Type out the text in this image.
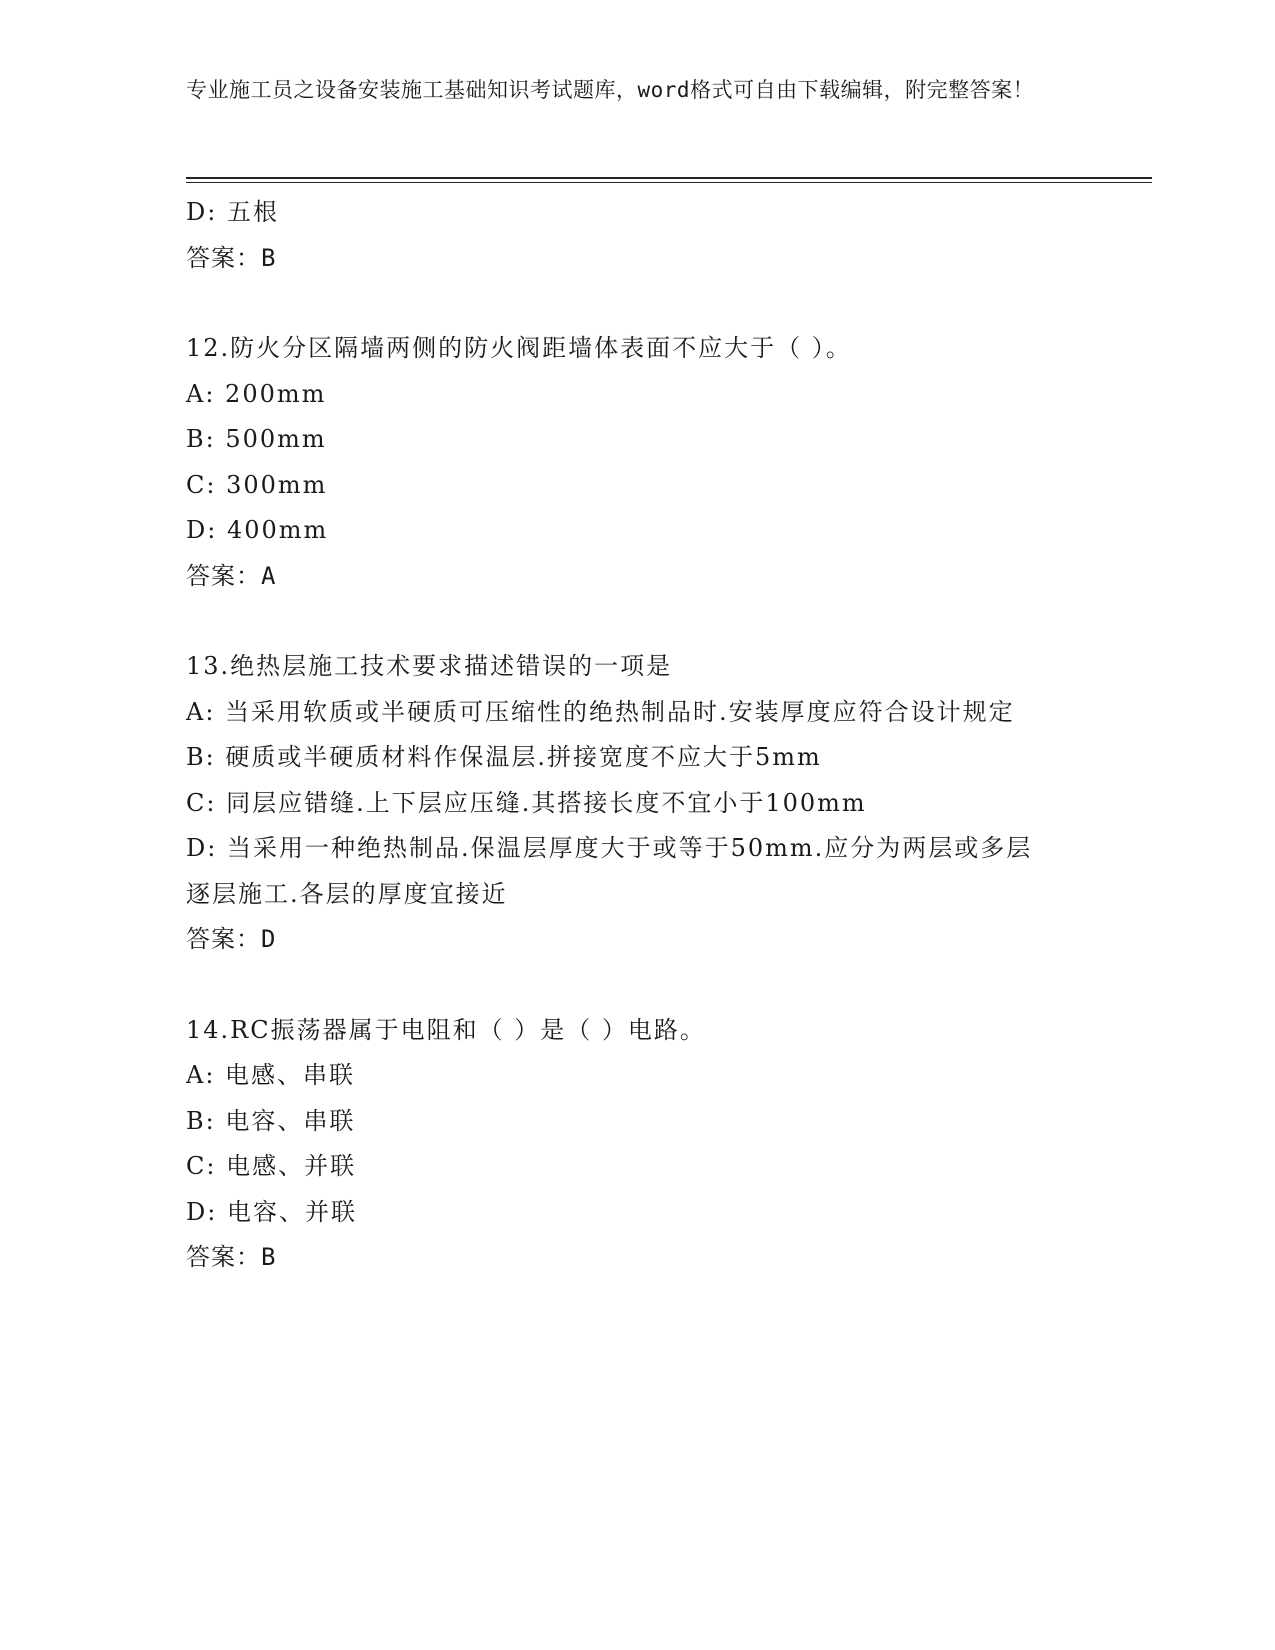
专业施工员之设备安装施工基础知识考试题库，word格式可自由下载编辑，附完整答案！
D: 五根
答案：B
12.防火分区隔墙两侧的防火阀距墙体表面不应大于（ ）。
A: 200mm
B: 500mm
C: 300mm
D: 400mm
答案：A
13.绝热层施工技术要求描述错误的一项是
A: 当采用软质或半硬质可压缩性的绝热制品时.安装厚度应符合设计规定
B: 硬质或半硬质材料作保温层.拼接宽度不应大于5mm
C: 同层应错缝.上下层应压缝.其搭接长度不宜小于100mm
D: 当采用一种绝热制品.保温层厚度大于或等于50mm.应分为两层或多层逐层施工.各层的厚度宜接近
答案：D
14.RC振荡器属于电阻和（ ）是（ ）电路。
A: 电感、串联
B: 电容、串联
C: 电感、并联
D: 电容、并联
答案：B
